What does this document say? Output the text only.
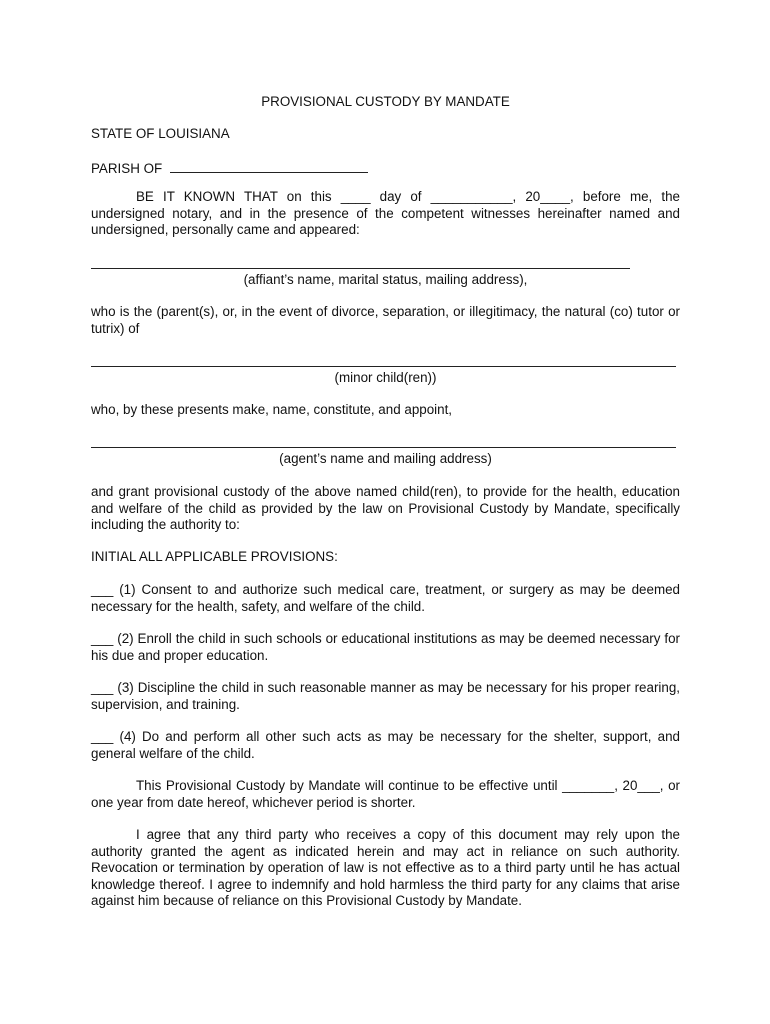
PROVISIONAL CUSTODY BY MANDATE
STATE OF LOUISIANA
PARISH OF
BE IT KNOWN THAT on this ____ day of ___________, 20____, before me, the undersigned notary, and in the presence of the competent witnesses hereinafter named and undersigned, personally came and appeared:
(affiant’s name, marital status, mailing address),
who is the (parent(s), or, in the event of divorce, separation, or illegitimacy, the natural (co) tutor or tutrix) of
(minor child(ren))
who, by these presents make, name, constitute, and appoint,
(agent’s name and mailing address)
and grant provisional custody of the above named child(ren), to provide for the health, education and welfare of the child as provided by the law on Provisional Custody by Mandate, specifically including the authority to:
INITIAL ALL APPLICABLE PROVISIONS:
___ (1) Consent to and authorize such medical care, treatment, or surgery as may be deemed necessary for the health, safety, and welfare of the child.
___ (2) Enroll the child in such schools or educational institutions as may be deemed necessary for his due and proper education.
___ (3) Discipline the child in such reasonable manner as may be necessary for his proper rearing, supervision, and training.
___ (4) Do and perform all other such acts as may be necessary for the shelter, support, and general welfare of the child.
This Provisional Custody by Mandate will continue to be effective until _______, 20___, or one year from date hereof, whichever period is shorter.
I agree that any third party who receives a copy of this document may rely upon the authority granted the agent as indicated herein and may act in reliance on such authority. Revocation or termination by operation of law is not effective as to a third party until he has actual knowledge thereof. I agree to indemnify and hold harmless the third party for any claims that arise against him because of reliance on this Provisional Custody by Mandate.
